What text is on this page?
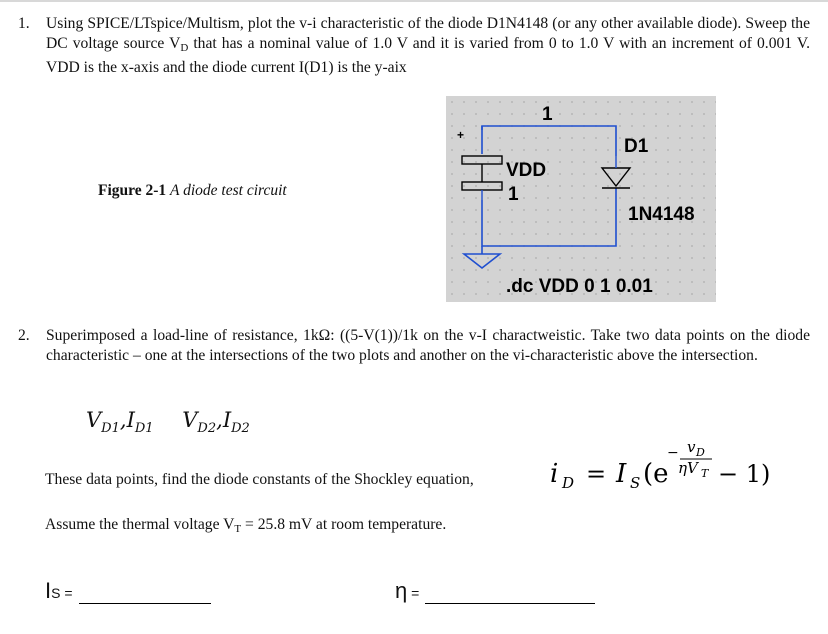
1. Using SPICE/LTspice/Multism, plot the v-i characteristic of the diode D1N4148 (or any other available diode). Sweep the DC voltage source $V_D$ that has a nominal value of 1.0 V and it is varied from 0 to 1.0 V with an increment of 0.001 V. VDD is the x-axis and the diode current I(D1) is the y-aix
Figure 2-1 A diode test circuit
1
+
VDD
1
D1
1N4148
.dc VDD 0 1 0.01
2. Superimposed a load-line of resistance, 1kΩ: ((5-V(1))/1k on the v-I charactweistic. Take two data points on the diode characteristic – one at the intersections of the two plots and another on the vi-characteristic above the intersection.
$V_{D1},I_{D1}$ $V_{D2},I_{D2}$
These data points, find the diode constants of the Shockley equation,	i D = I S (e
− v D
ηV T − 1)
Assume the thermal voltage $V_T = 25.8$ mV at room temperature.
IS =	η =
